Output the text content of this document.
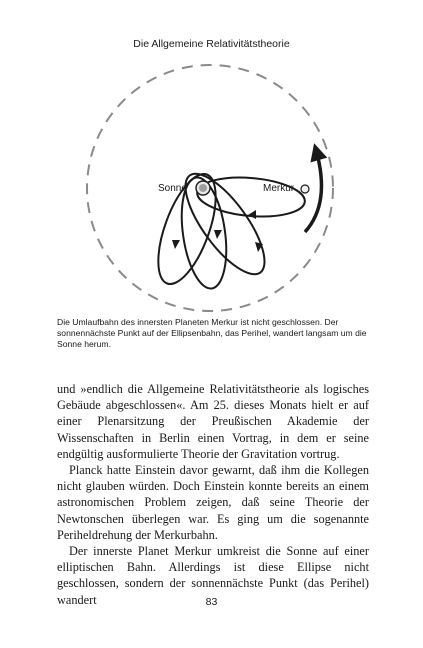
Die Allgemeine Relativitätstheorie
Sonne	Merkur

Die Umlaufbahn des innersten Planeten Merkur ist nicht geschlossen. Der sonnennächste Punkt auf der Ellipsenbahn, das Perihel, wandert langsam um die Sonne herum.

und »endlich die Allgemeine Relativitätstheorie als logisches Gebäude abgeschlossen«. Am 25. dieses Monats hielt er auf einer Plenarsitzung der Preußischen Akademie der Wissenschaften in Berlin einen Vortrag, in dem er seine endgültig ausformulierte Theorie der Gravitation vortrug.

Planck hatte Einstein davor gewarnt, daß ihm die Kollegen nicht glauben würden. Doch Einstein konnte bereits an einem astronomischen Problem zeigen, daß seine Theorie der Newtonschen überlegen war. Es ging um die sogenannte Periheldrehung der Merkurbahn.

Der innerste Planet Merkur umkreist die Sonne auf einer elliptischen Bahn. Allerdings ist diese Ellipse nicht geschlossen, sondern der sonnennächste Punkt (das Perihel) wandert	83
